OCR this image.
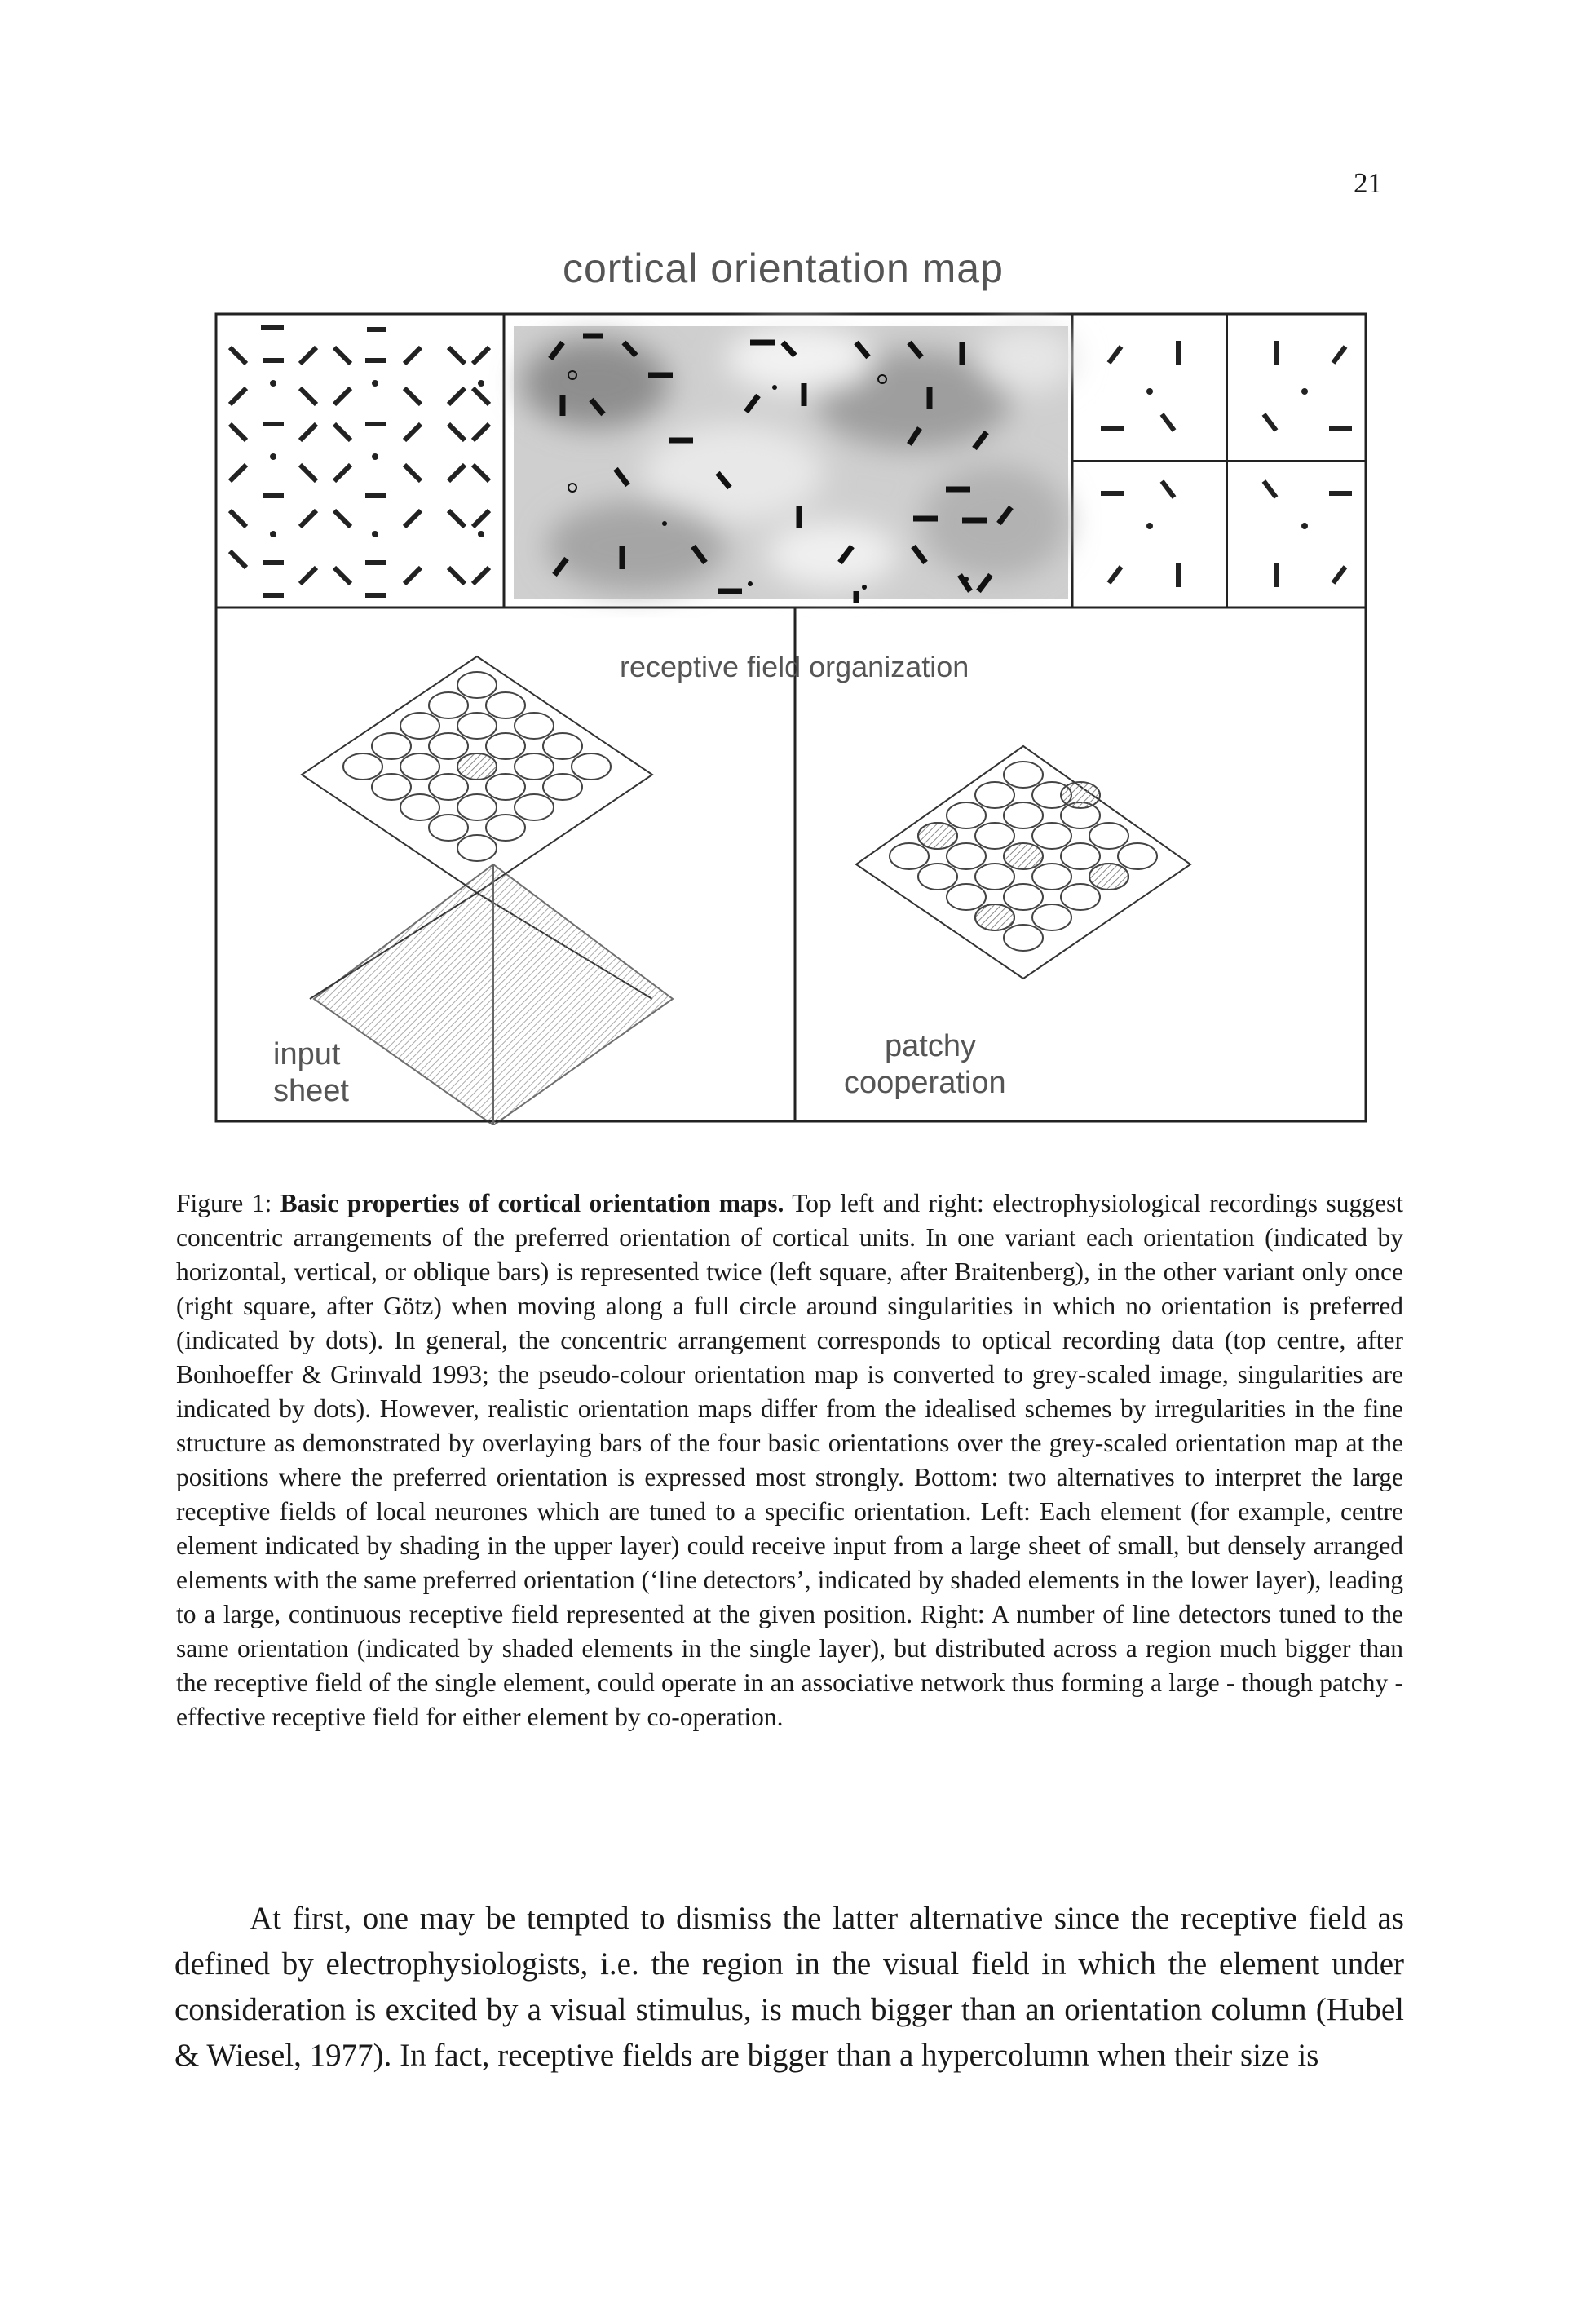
21
cortical orientation map
receptive field organization
input
sheet
patchy
cooperation
Figure 1: Basic properties of cortical orientation maps. Top left and right: electrophysiological recordings suggest concentric arrangements of the preferred orientation of cortical units. In one variant each orientation (indicated by horizontal, vertical, or oblique bars) is represented twice (left square, after Braitenberg), in the other variant only once (right square, after Götz) when moving along a full circle around singularities in which no orientation is preferred (indicated by dots). In general, the concentric arrangement corresponds to optical recording data (top centre, after Bonhoeffer & Grinvald 1993; the pseudo-colour orientation map is converted to grey-scaled image, singularities are indicated by dots). However, realistic orientation maps differ from the idealised schemes by irregularities in the fine structure as demonstrated by overlaying bars of the four basic orientations over the grey-scaled orientation map at the positions where the preferred orientation is expressed most strongly. Bottom: two alternatives to interpret the large receptive fields of local neurones which are tuned to a specific orientation. Left: Each element (for example, centre element indicated by shading in the upper layer) could receive input from a large sheet of small, but densely arranged elements with the same preferred orientation (‘line detectors’, indicated by shaded elements in the lower layer), leading to a large, continuous receptive field represented at the given position. Right: A number of line detectors tuned to the same orientation (indicated by shaded elements in the single layer), but distributed across a region much bigger than the receptive field of the single element, could operate in an associative network thus forming a large - though patchy - effective receptive field for either element by co-operation.
At first, one may be tempted to dismiss the latter alternative since the receptive field as defined by electrophysiologists, i.e. the region in the visual field in which the element under consideration is excited by a visual stimulus, is much bigger than an orientation column (Hubel & Wiesel, 1977). In fact, receptive fields are bigger than a hypercolumn when their size is
